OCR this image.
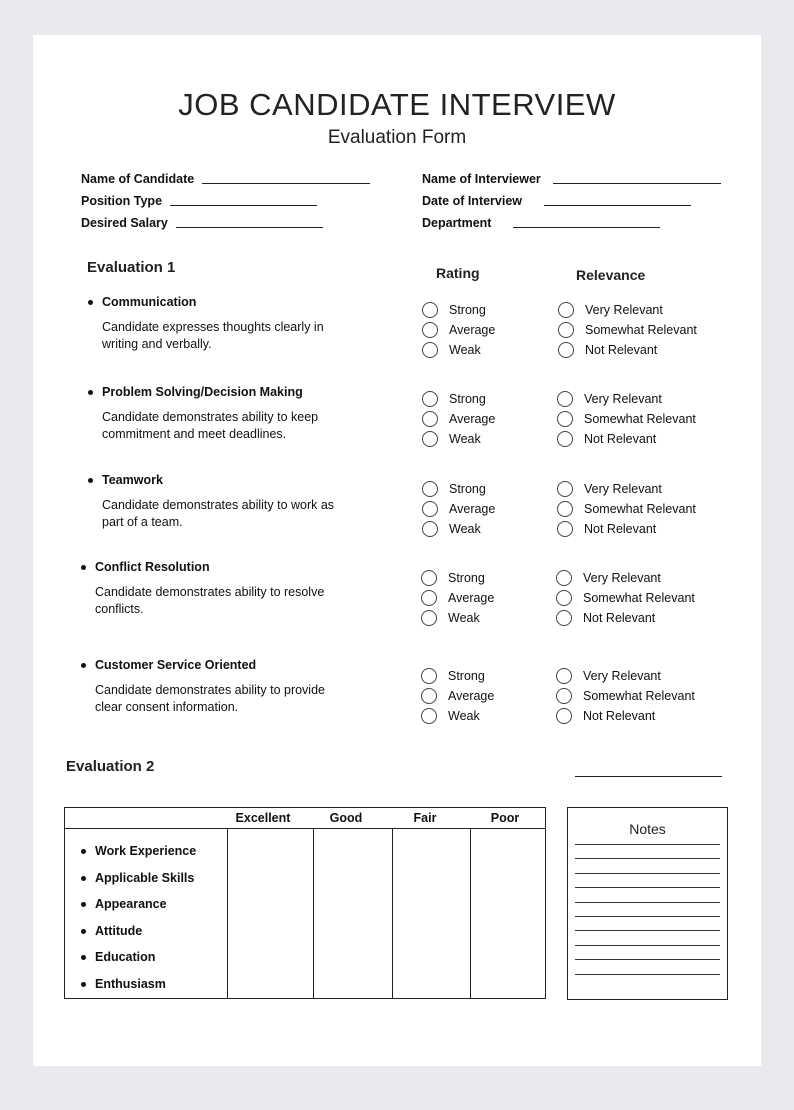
JOB CANDIDATE INTERVIEW
Evaluation Form
Name of Candidate
Position Type
Desired Salary
Name of Interviewer
Date of Interview
Department
Evaluation 1	Rating	Relevance
Communication
Candidate expresses thoughts clearly in writing and verbally.
Strong
Average
Weak
Very Relevant
Somewhat Relevant
Not Relevant
Problem Solving/Decision Making
Candidate demonstrates ability to keep commitment and meet deadlines.
Strong
Average
Weak
Very Relevant
Somewhat Relevant
Not Relevant
Teamwork
Candidate demonstrates ability to work as part of a team.
Strong
Average
Weak
Very Relevant
Somewhat Relevant
Not Relevant
Conflict Resolution
Candidate demonstrates ability to resolve conflicts.
Strong
Average
Weak
Very Relevant
Somewhat Relevant
Not Relevant
Customer Service Oriented
Candidate demonstrates ability to provide clear consent information.
Strong
Average
Weak
Very Relevant
Somewhat Relevant
Not Relevant
Evaluation 2
Excellent	Good	Fair	Poor
Work Experience
Applicable Skills
Appearance
Attitude
Education
Enthusiasm
Notes
